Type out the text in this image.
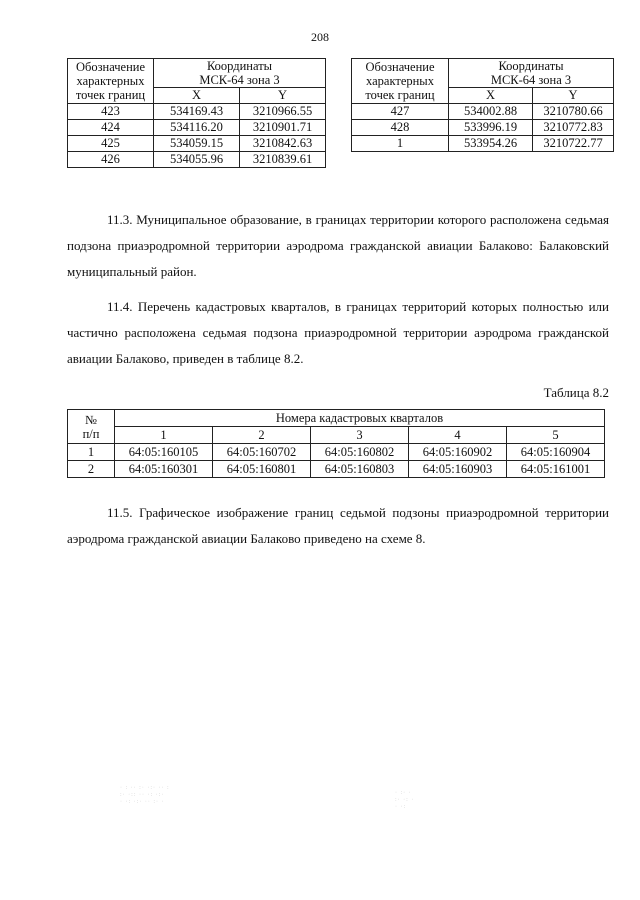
208
Обозначение
характерных
точек границ	Координаты
МСК-64 зона 3	
	X	Y
423	534169.43	3210966.55
424	534116.20	3210901.71
425	534059.15	3210842.63
426	534055.96	3210839.61
Обозначение
характерных
точек границ	Координаты
МСК-64 зона 3	
	X	Y
427	534002.88	3210780.66
428	533996.19	3210772.83
1	533954.26	3210722.77

11.3. Муниципальное образование, в границах территории которого расположена седьмая подзона приаэродромной территории аэродрома гражданской авиации Балаково: Балаковский муниципальный район.

11.4. Перечень кадастровых кварталов, в границах территорий которых полностью или частично расположена седьмая подзона приаэродромной территории аэродрома гражданской авиации Балаково, приведен в таблице 8.2.

Таблица 8.2
№
п/п	Номера кадастровых кварталов				
	1	2	3	4	5
1	64:05:160105	64:05:160702	64:05:160802	64:05:160902	64:05:160904
2	64:05:160301	64:05:160801	64:05:160803	64:05:160903	64:05:161001

11.5. Графическое изображение границ седьмой подзоны приаэродромной территории аэродрома гражданской авиации Балаково приведено на схеме 8.

· : ·· :· ·:· ·· :
:· ·:: ·· ·: ·:·
· ·: ·:· ·· :· ·
· :· ·
:· ·: ·
· ·:
